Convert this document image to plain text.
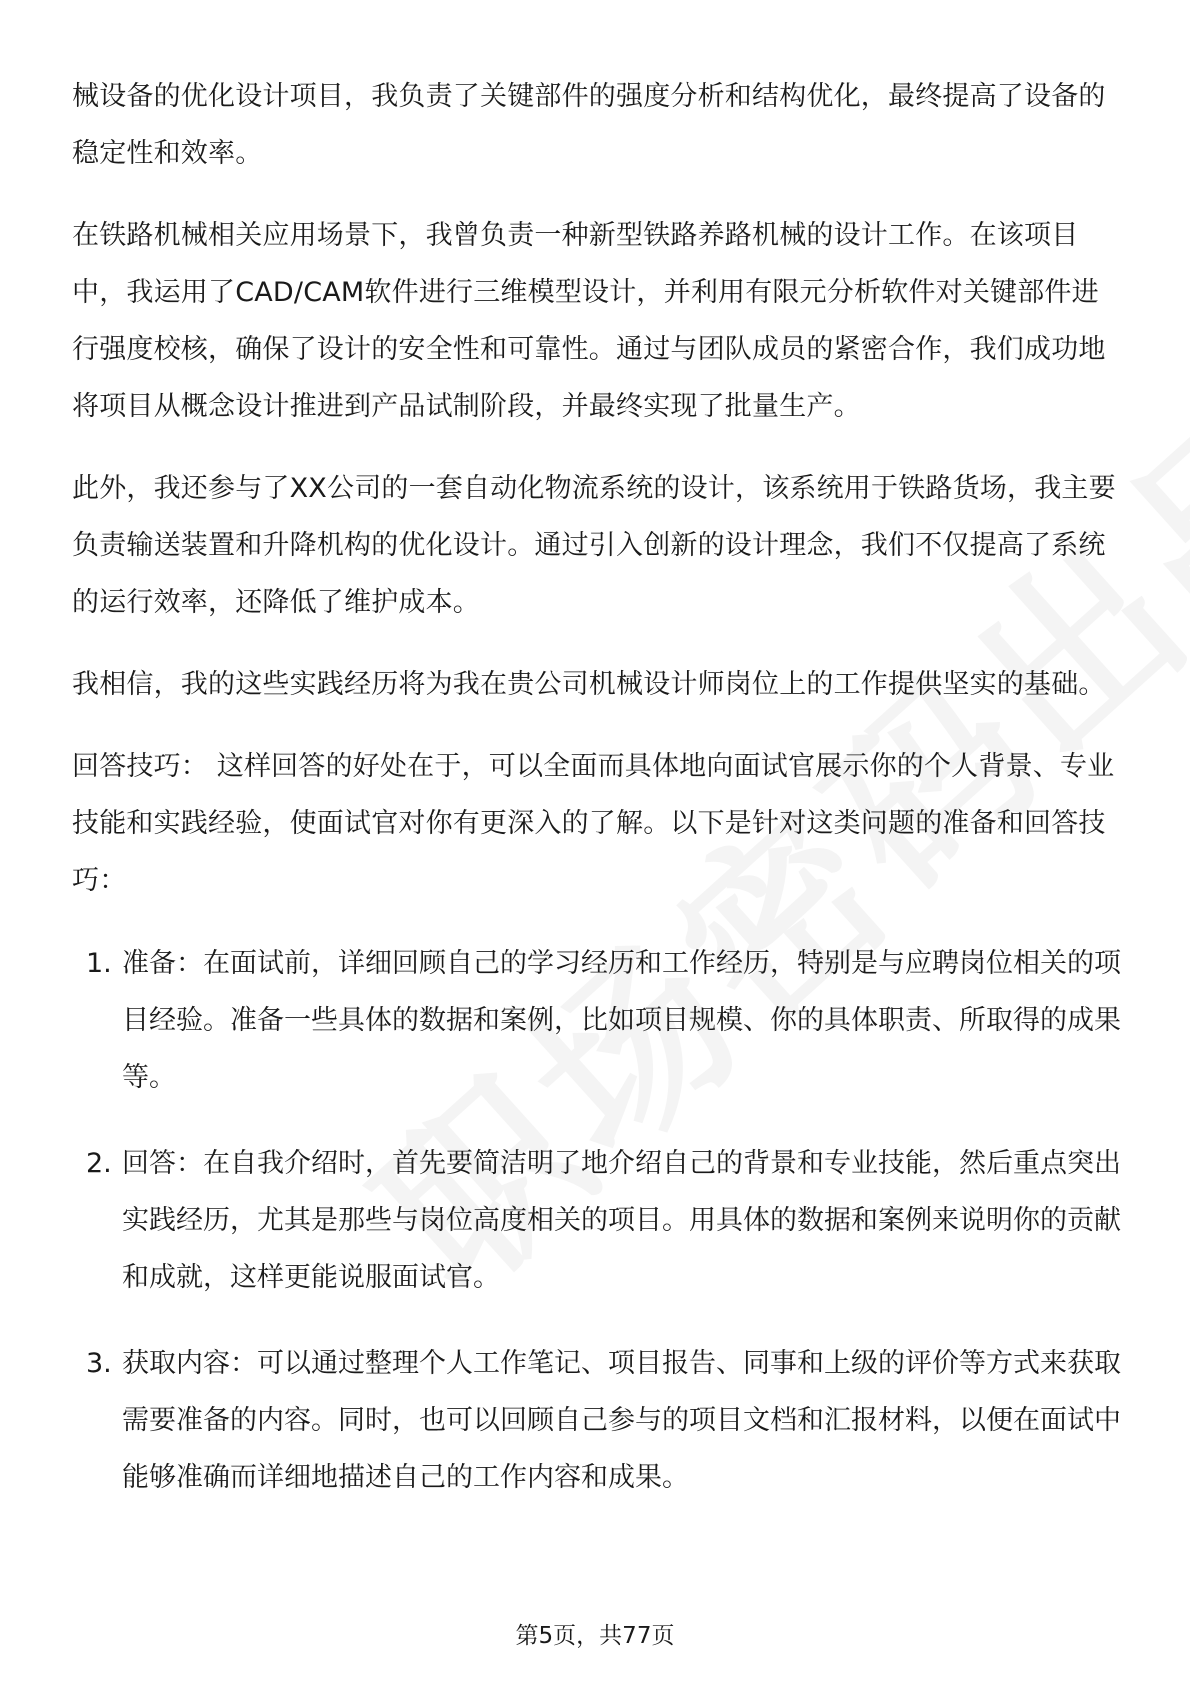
械设备的优化设计项目，我负责了关键部件的强度分析和结构优化，最终提高了设备的稳定性和效率。

在铁路机械相关应用场景下，我曾负责一种新型铁路养路机械的设计工作。在该项目中，我运用了CAD/CAM软件进行三维模型设计，并利用有限元分析软件对关键部件进行强度校核，确保了设计的安全性和可靠性。通过与团队成员的紧密合作，我们成功地将项目从概念设计推进到产品试制阶段，并最终实现了批量生产。

此外，我还参与了XX公司的一套自动化物流系统的设计，该系统用于铁路货场，我主要负责输送装置和升降机构的优化设计。通过引入创新的设计理念，我们不仅提高了系统的运行效率，还降低了维护成本。

我相信，我的这些实践经历将为我在贵公司机械设计师岗位上的工作提供坚实的基础。

回答技巧： 这样回答的好处在于，可以全面而具体地向面试官展示你的个人背景、专业技能和实践经验，使面试官对你有更深入的了解。以下是针对这类问题的准备和回答技巧：

1. 准备：在面试前，详细回顾自己的学习经历和工作经历，特别是与应聘岗位相关的项目经验。准备一些具体的数据和案例，比如项目规模、你的具体职责、所取得的成果等。
2. 回答：在自我介绍时，首先要简洁明了地介绍自己的背景和专业技能，然后重点突出实践经历，尤其是那些与岗位高度相关的项目。用具体的数据和案例来说明你的贡献和成就，这样更能说服面试官。
3. 获取内容：可以通过整理个人工作笔记、项目报告、同事和上级的评价等方式来获取需要准备的内容。同时，也可以回顾自己参与的项目文档和汇报材料，以便在面试中能够准确而详细地描述自己的工作内容和成果。
第5页，共77页
